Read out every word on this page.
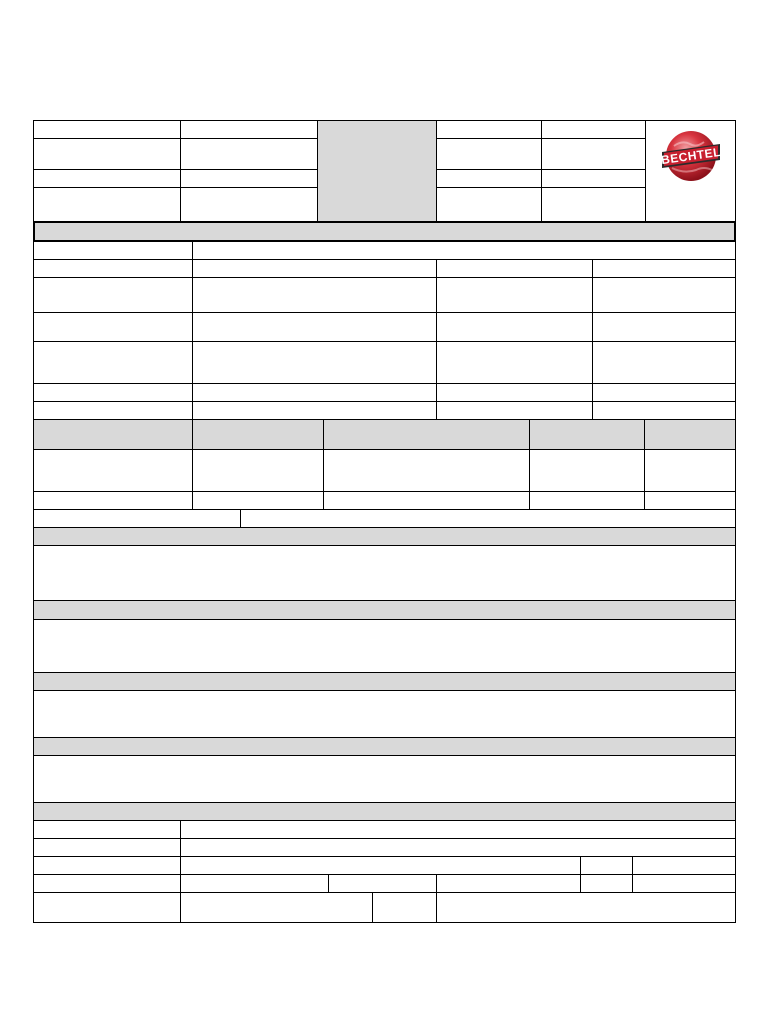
BECHTEL
